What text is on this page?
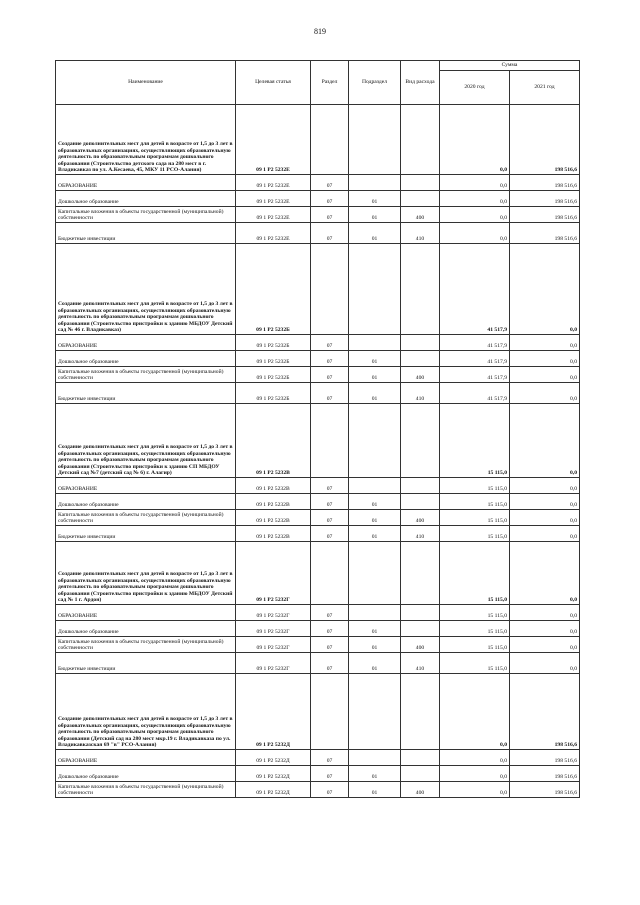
819
Наименование	Целевая статья	Раздел	Подраздел	Вид расхода	Сумма	
					2020 год	2021 год
Создание дополнительных мест для детей в возрасте от 1,5 до 3 лет в образовательных организациях, осуществляющих образовательную деятельность по образовательным программам дошкольного образования (Строительство детского сада на 280 мест в г. Владикавказ по ул. А.Кесаева, 45, МКУ 11 РСО-Алания)	09 1 Р2 5232Е				0,0	198 516,6
ОБРАЗОВАНИЕ	09 1 Р2 5232Е	07			0,0	198 516,6
Дошкольное образование	09 1 Р2 5232Е	07	01		0,0	198 516,6
Капитальные вложения в объекты государственной (муниципальной) собственности	09 1 Р2 5232Е	07	01	400	0,0	198 516,6
Бюджетные инвестиции	09 1 Р2 5232Е	07	01	410	0,0	198 516,6
Создание дополнительных мест для детей в возрасте от 1,5 до 3 лет в образовательных организациях, осуществляющих образовательную деятельность по образовательным программам дошкольного образования (Строительство пристройки к зданию МБДОУ Детский сад № 46 г. Владикавказ)	09 1 Р2 5232Б				41 517,9	0,0
ОБРАЗОВАНИЕ	09 1 Р2 5232Б	07			41 517,9	0,0
Дошкольное образование	09 1 Р2 5232Б	07	01		41 517,9	0,0
Капитальные вложения в объекты государственной (муниципальной) собственности	09 1 Р2 5232Б	07	01	400	41 517,9	0,0
Бюджетные инвестиции	09 1 Р2 5232Б	07	01	410	41 517,9	0,0
Создание дополнительных мест для детей в возрасте от 1,5 до 3 лет в образовательных организациях, осуществляющих образовательную деятельность по образовательным программам дошкольного образования (Строительство пристройки к зданию СП МБДОУ Детский сад №7 (детский сад № 6) г. Алагир)	09 1 Р2 5232В				15 115,0	0,0
ОБРАЗОВАНИЕ	09 1 Р2 5232В	07			15 115,0	0,0
Дошкольное образование	09 1 Р2 5232В	07	01		15 115,0	0,0
Капитальные вложения в объекты государственной (муниципальной) собственности	09 1 Р2 5232В	07	01	400	15 115,0	0,0
Бюджетные инвестиции	09 1 Р2 5232В	07	01	410	15 115,0	0,0
Создание дополнительных мест для детей в возрасте от 1,5 до 3 лет в образовательных организациях, осуществляющих образовательную деятельность по образовательным программам дошкольного образования (Строительство пристройки к зданию МБДОУ Детский сад № 1 г. Ардон)	09 1 Р2 5232Г				15 115,0	0,0
ОБРАЗОВАНИЕ	09 1 Р2 5232Г	07			15 115,0	0,0
Дошкольное образование	09 1 Р2 5232Г	07	01		15 115,0	0,0
Капитальные вложения в объекты государственной (муниципальной) собственности	09 1 Р2 5232Г	07	01	400	15 115,0	0,0
Бюджетные инвестиции	09 1 Р2 5232Г	07	01	410	15 115,0	0,0
Создание дополнительных мест для детей в возрасте от 1,5 до 3 лет в образовательных организациях, осуществляющих образовательную деятельность по образовательным программам дошкольного образования (Детский сад на 280 мест мкр.19 г. Владикавказа по ул. Владикавказская 69 "в" РСО-Алания)	09 1 Р2 5232Д				0,0	198 516,6
ОБРАЗОВАНИЕ	09 1 Р2 5232Д	07			0,0	198 516,6
Дошкольное образование	09 1 Р2 5232Д	07	01		0,0	198 516,6
Капитальные вложения в объекты государственной (муниципальной) собственности	09 1 Р2 5232Д	07	01	400	0,0	198 516,6
